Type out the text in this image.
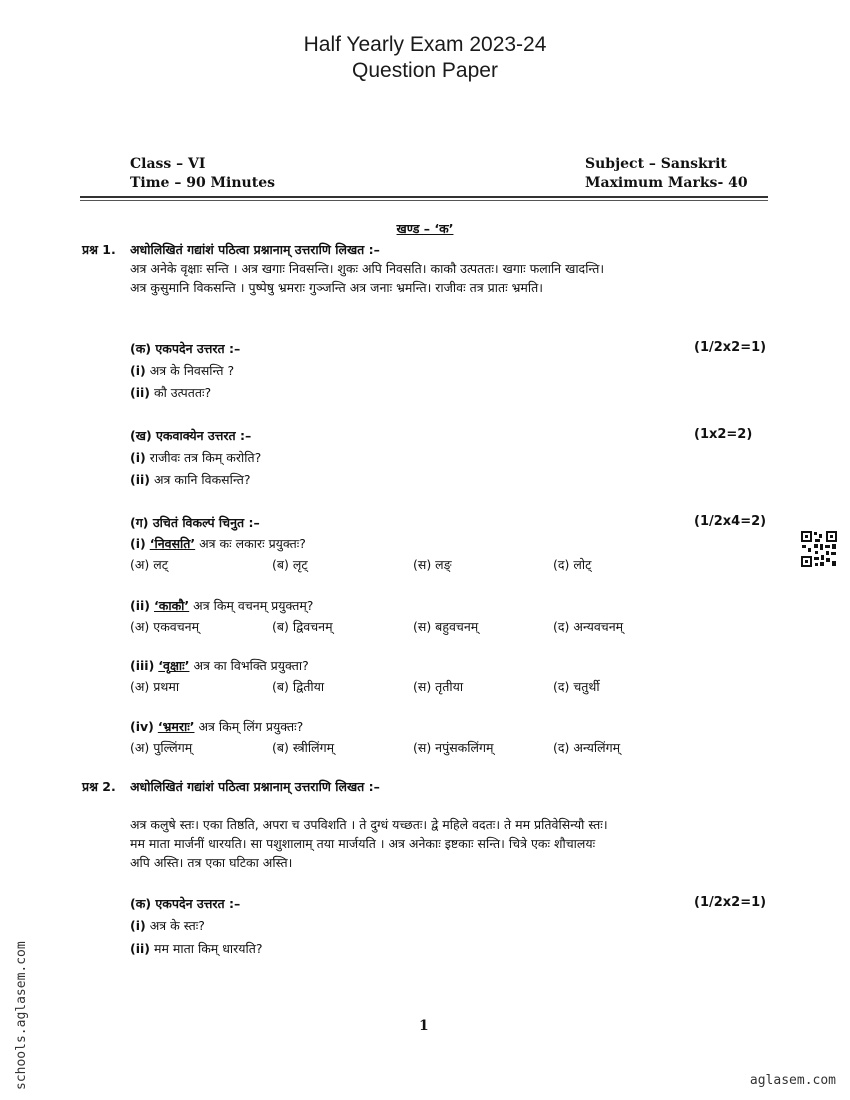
Half Yearly Exam 2023-24
Question Paper
Class – VI
Time – 90 Minutes
Subject – Sanskrit
Maximum Marks- 40
खण्ड – ‘क’
प्रश्न 1. अधोलिखितं गद्यांशं पठित्वा प्रश्नानाम् उत्तराणि लिखत :–
अत्र अनेके वृक्षाः सन्ति । अत्र खगाः निवसन्ति। शुकः अपि निवसति। काकौ उत्पततः। खगाः फलानि खादन्ति।
अत्र कुसुमानि विकसन्ति । पुष्पेषु भ्रमराः गुञ्जन्ति अत्र जनाः भ्रमन्ति। राजीवः तत्र प्रातः भ्रमति।
(क) एकपदेन उत्तरत :–	(1/2x2=1)
(i) अत्र के निवसन्ति ?
(ii) कौ उत्पततः?
(ख) एकवाक्येन उत्तरत :–	(1x2=2)
(i) राजीवः तत्र किम् करोति?
(ii) अत्र कानि विकसन्ति?
(ग) उचितं विकल्पं चिनुत :–	(1/2x4=2)
(i) ‘निवसति’ अत्र कः लकारः प्रयुक्तः?
(अ) लट्	(ब) लृट्	(स) लङ्	(द) लोट्
(ii) ‘काकौ’ अत्र किम् वचनम् प्रयुक्तम्?
(अ) एकवचनम्	(ब) द्विवचनम्	(स) बहुवचनम्	(द) अन्यवचनम्
(iii) ‘वृक्षाः’ अत्र का विभक्ति प्रयुक्ता?
(अ) प्रथमा	(ब) द्वितीया	(स) तृतीया	(द) चतुर्थी
(iv) ‘भ्रमराः’ अत्र किम् लिंग प्रयुक्तः?
(अ) पुल्लिंगम्	(ब) स्त्रीलिंगम्	(स) नपुंसकलिंगम्	(द) अन्यलिंगम्
प्रश्न 2. अधोलिखितं गद्यांशं पठित्वा प्रश्नानाम् उत्तराणि लिखत :–
अत्र कलुषे स्तः। एका तिष्ठति, अपरा च उपविशति । ते दुग्धं यच्छतः। द्वे महिले वदतः। ते मम प्रतिवेसिन्यौ स्तः।
मम माता मार्जनीं धारयति। सा पशुशालाम् तया मार्जयति । अत्र अनेकाः इष्टकाः सन्ति। चित्रे एकः शौचालयः
अपि अस्ति। तत्र एका घटिका अस्ति।
(क) एकपदेन उत्तरत :–	(1/2x2=1)
(i) अत्र के स्तः?
(ii) मम माता किम् धारयति?
1
schools.aglasem.com	aglasem.com
